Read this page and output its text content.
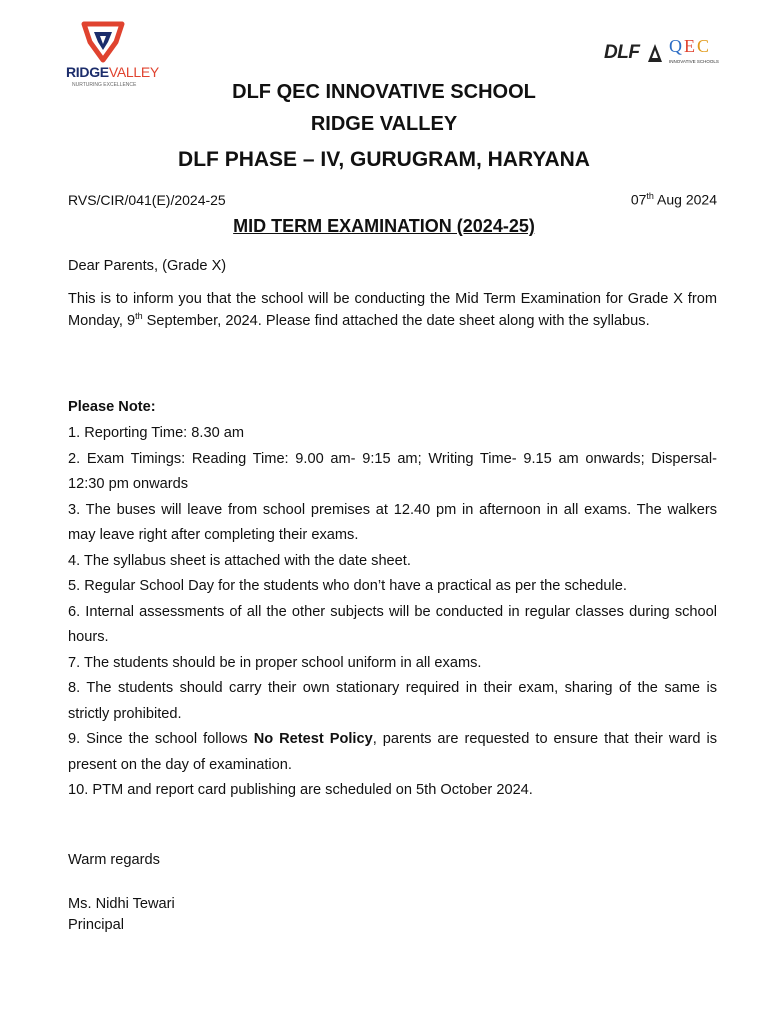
RIDGEVALLEY
NURTURING EXCELLENCE
DLF QEC
INNOVATIVE SCHOOLS
DLF QEC INNOVATIVE SCHOOL
RIDGE VALLEY
DLF PHASE – IV, GURUGRAM, HARYANA
RVS/CIR/041(E)/2024-25	07th Aug 2024
MID TERM EXAMINATION (2024-25)
Dear Parents, (Grade X)
This is to inform you that the school will be conducting the Mid Term Examination for Grade X from Monday, 9th September, 2024. Please find attached the date sheet along with the syllabus.
Please Note:
1. Reporting Time: 8.30 am
2. Exam Timings: Reading Time: 9.00 am- 9:15 am; Writing Time- 9.15 am onwards; Dispersal- 12:30 pm onwards
3. The buses will leave from school premises at 12.40 pm in afternoon in all exams. The walkers may leave right after completing their exams.
4. The syllabus sheet is attached with the date sheet.
5. Regular School Day for the students who don’t have a practical as per the schedule.
6. Internal assessments of all the other subjects will be conducted in regular classes during school hours.
7. The students should be in proper school uniform in all exams.
8. The students should carry their own stationary required in their exam, sharing of the same is strictly prohibited.
9. Since the school follows No Retest Policy, parents are requested to ensure that their ward is present on the day of examination.
10. PTM and report card publishing are scheduled on 5th October 2024.
Warm regards
Ms. Nidhi Tewari
Principal
